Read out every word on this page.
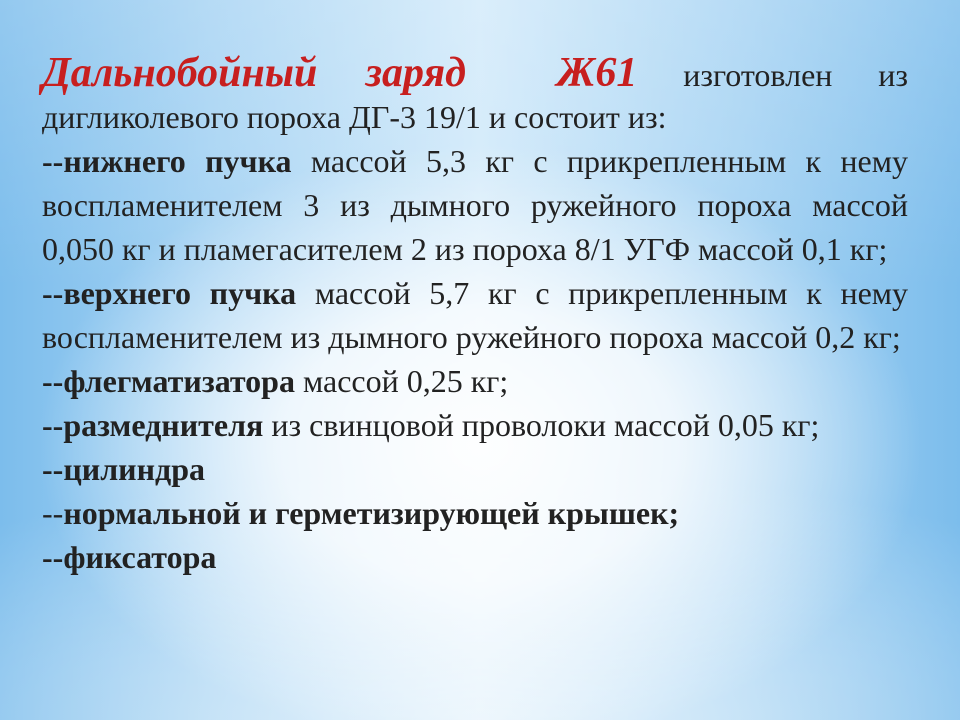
Дальнобойный заряд Ж61 изготовлен из
дигликолевого пороха ДГ-3 19/1 и состоит из:
--нижнего пучка массой 5,3 кг с прикрепленным к нему
воспламенителем 3 из дымного ружейного пороха массой
0,050 кг и пламегасителем 2 из пороха 8/1 УГФ массой 0,1 кг;
--верхнего пучка массой 5,7 кг с прикрепленным к нему
воспламенителем из дымного ружейного пороха массой 0,2 кг;
--флегматизатора массой 0,25 кг;
--размеднителя из свинцовой проволоки массой 0,05 кг;
--цилиндра
--нормальной и герметизирующей крышек;
--фиксатора
